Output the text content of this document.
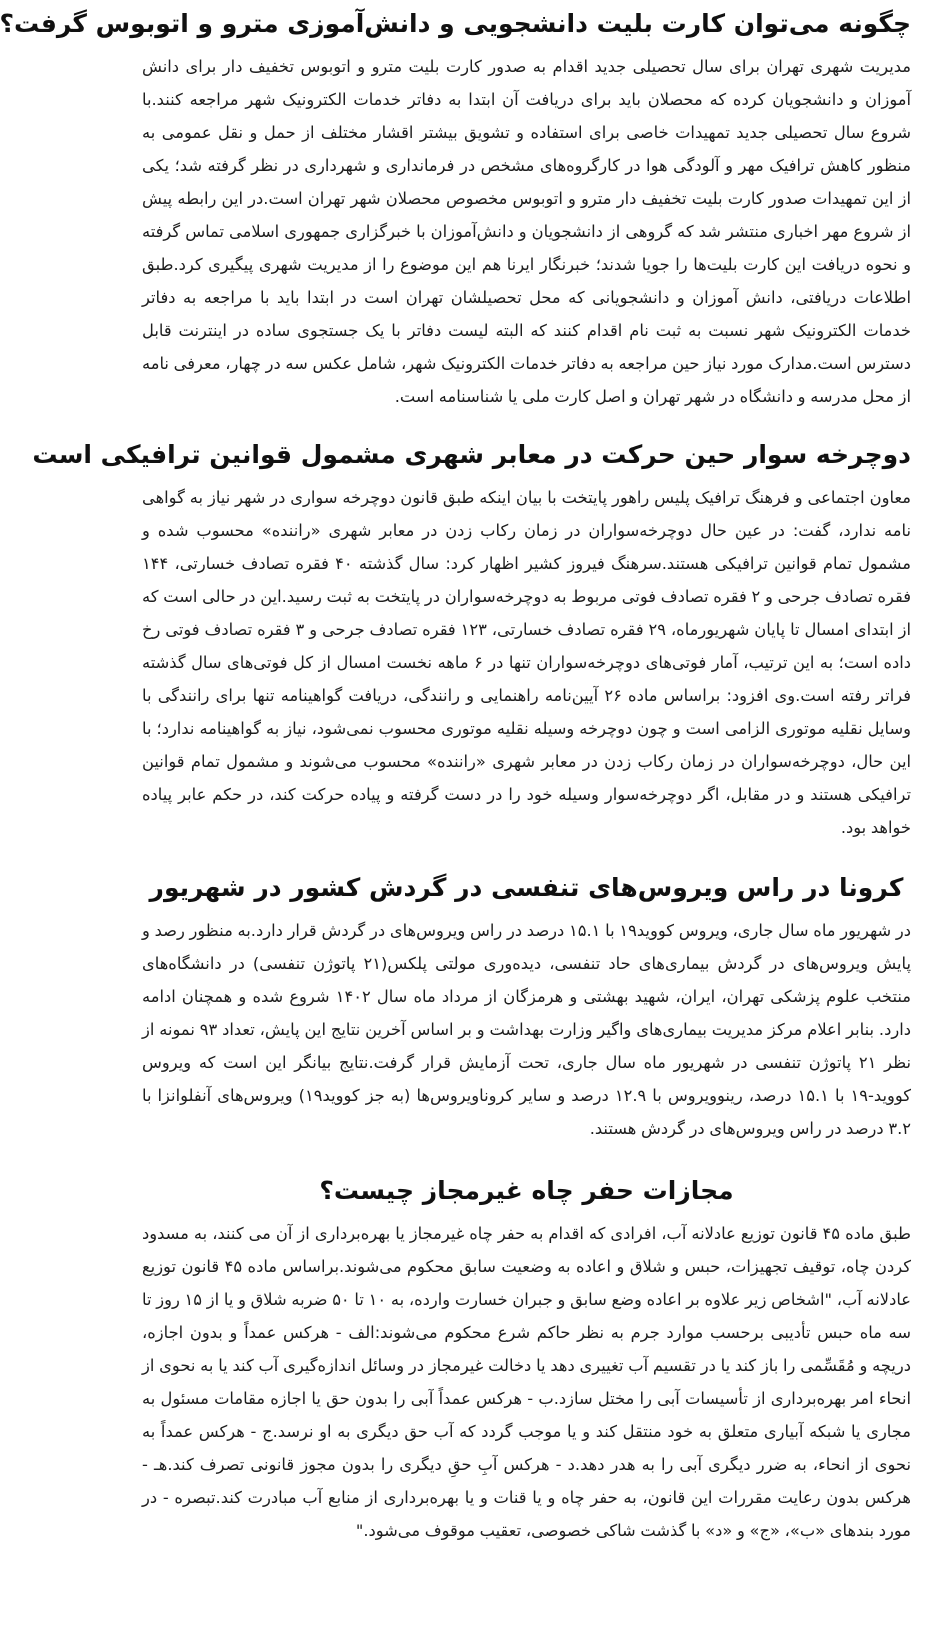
چگونه می‌توان کارت بلیت دانشجویی و دانش‌آموزی مترو و اتوبوس گرفت؟

مدیریت شهری تهران برای سال تحصیلی جدید اقدام به صدور کارت بلیت مترو و اتوبوس تخفیف دار برای دانش آموزان و دانشجویان کرده که محصلان باید برای دریافت آن ابتدا به دفاتر خدمات الکترونیک شهر مراجعه کنند.با شروع سال تحصیلی جدید تمهیدات خاصی برای استفاده و تشویق بیشتر اقشار مختلف از حمل و نقل عمومی به منظور کاهش ترافیک مهر و آلودگی هوا در کارگروه‌های مشخص در فرمانداری و شهرداری در نظر گرفته شد؛ یکی از این تمهیدات صدور کارت بلیت تخفیف دار مترو و اتوبوس مخصوص محصلان شهر تهران است.در این رابطه پیش از شروع مهر اخباری منتشر شد که گروهی از دانشجویان و دانش‌آموزان با خبرگزاری جمهوری اسلامی تماس گرفته و نحوه دریافت این کارت بلیت‌ها را جویا شدند؛ خبرنگار ایرنا هم این موضوع را از مدیریت شهری پیگیری کرد.طبق اطلاعات دریافتی، دانش آموزان و دانشجویانی که محل تحصیلشان تهران است در ابتدا باید با مراجعه به دفاتر خدمات الکترونیک شهر نسبت به ثبت نام اقدام کنند که البته لیست دفاتر با یک جستجوی ساده در اینترنت قابل دسترس است.مدارک مورد نیاز حین مراجعه به دفاتر خدمات الکترونیک شهر، شامل عکس سه در چهار، معرفی نامه از محل مدرسه و دانشگاه در شهر تهران و اصل کارت ملی یا شناسنامه است.

دوچرخه سوار حین حرکت در معابر شهری مشمول قوانین ترافیکی است

معاون اجتماعی و فرهنگ ترافیک پلیس راهور پایتخت با بیان اینکه طبق قانون دوچرخه سواری در شهر نیاز به گواهی نامه ندارد، گفت: در عین حال دوچرخه‌سواران در زمان رکاب زدن در معابر شهری «راننده» محسوب شده و مشمول تمام قوانین ترافیکی هستند.سرهنگ فیروز کشیر اظهار کرد: سال گذشته ۴۰ فقره تصادف خسارتی، ۱۴۴ فقره تصادف جرحی و ۲ فقره تصادف فوتی مربوط به دوچرخه‌سواران در پایتخت به ثبت رسید.این در حالی است که از ابتدای امسال تا پایان شهریورماه، ۲۹ فقره تصادف خسارتی، ۱۲۳ فقره تصادف جرحی و ۳ فقره تصادف فوتی رخ داده است؛ به این ترتیب، آمار فوتی‌های دوچرخه‌سواران تنها در ۶ ماهه نخست امسال از کل فوتی‌های سال گذشته فراتر رفته است.وی افزود: براساس ماده ۲۶ آیین‌نامه راهنمایی و رانندگی، دریافت گواهینامه تنها برای رانندگی با وسایل نقلیه موتوری الزامی است و چون دوچرخه وسیله نقلیه موتوری محسوب نمی‌شود، نیاز به گواهینامه ندارد؛ با این حال، دوچرخه‌سواران در زمان رکاب زدن در معابر شهری «راننده» محسوب می‌شوند و مشمول تمام قوانین ترافیکی هستند و در مقابل، اگر دوچرخه‌سوار وسیله خود را در دست گرفته و پیاده حرکت کند، در حکم عابر پیاده خواهد بود.

کرونا در راس ویروس‌های تنفسی در گردش کشور در شهریور

در شهریور ماه سال جاری، ویروس کووید۱۹ با ۱۵.۱ درصد در راس ویروس‌های در گردش قرار دارد.به منظور رصد و پایش ویروس‌های در گردش بیماری‌های حاد تنفسی، دیده‌وری مولتی پلکس(۲۱ پاتوژن تنفسی) در دانشگاه‌های منتخب علوم پزشکی تهران، ایران، شهید بهشتی و هرمزگان از مرداد ماه سال ۱۴۰۲ شروع شده و همچنان ادامه دارد. بنابر اعلام مرکز مدیریت بیماری‌های واگیر وزارت بهداشت و بر اساس آخرین نتایج این پایش، تعداد ۹۳ نمونه از نظر ۲۱ پاتوژن تنفسی در شهریور ماه سال جاری، تحت آزمایش قرار گرفت.نتایج بیانگر این است که ویروس کووید-۱۹ با ۱۵.۱ درصد، رینوویروس با ۱۲.۹ درصد و سایر کروناویروس‌ها (به جز کووید۱۹) ویروس‌های آنفلوانزا با ۳.۲ درصد در راس ویروس‌های در گردش هستند.

مجازات حفر چاه غیرمجاز چیست؟

طبق ماده ۴۵ قانون توزیع عادلانه آب، افرادی که اقدام به حفر چاه غیرمجاز یا بهره‌برداری از آن می کنند، به مسدود کردن چاه، توقیف تجهیزات، حبس و شلاق و اعاده به وضعیت سابق محکوم می‌شوند.براساس ماده ۴۵ قانون توزیع عادلانه آب، "اشخاص زیر علاوه بر اعاده وضع سابق و جبران خسارت وارده، به ۱۰ تا ۵۰ ضربه شلاق و یا از ۱۵ روز تا سه ماه حبس تأدیبی برحسب موارد جرم به نظر حاکم شرع محکوم می‌شوند:الف - هرکس عمداً و بدون اجازه، دریچه و مُقَسِّمی را باز کند یا در تقسیم آب تغییری دهد یا دخالت غیرمجاز در وسائل اندازه‌گیری آب کند یا به نحوی از انحاء امر بهره‌برداری از تأسیسات آبی را مختل سازد.ب - هرکس عمداً آبی را بدون حق یا اجازه مقامات مسئول به مجاری یا شبکه آبیاری متعلق به خود منتقل کند و یا موجب گردد که آب حق دیگری به او نرسد.ج - هرکس عمداً به نحوی از انحاء، به ضرر دیگری آبی را به هدر دهد.د - هرکس آبِ حقِ دیگری را بدون مجوز قانونی تصرف کند.هـ - هرکس بدون رعایت مقررات این قانون، به حفر چاه و یا قنات و یا بهره‌برداری از منابع آب مبادرت کند.تبصره - در مورد بندهای «ب»، «ج» و «د» با گذشت شاکی خصوصی، تعقیب موقوف می‌شود."
